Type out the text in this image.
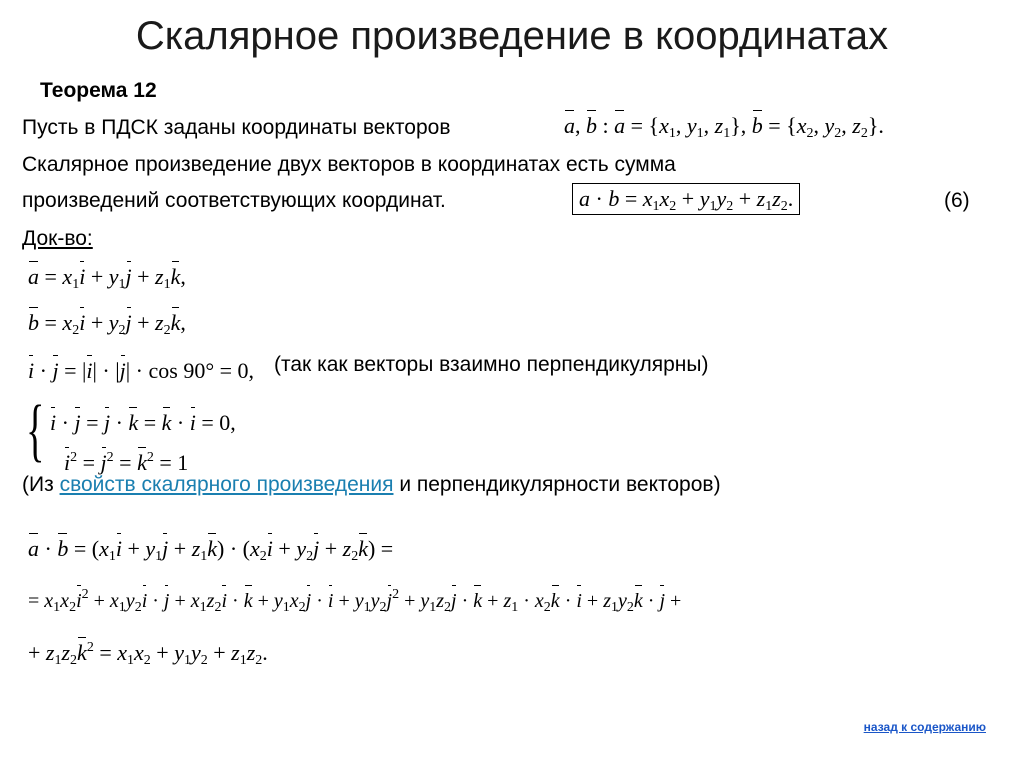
Скалярное произведение в координатах
Теорема 12
Пусть в ПДСК заданы координаты векторов	a, b : $a = \{x_1$, $y_1$, $z_1$}, $b = \{x_2$, $y_2$, $z_2$}.
Скалярное произведение двух векторов в координатах есть сумма
произведений соответствующих координат.	$a \cdot b = x_1x_2 + y_1y_2 + z_1z_2$.	(6)
Док-во:
$a = x_1i + y_1j + z_1k$,
$b = x_2i + y_2j + z_2k$,
i · j = |i| · |j| · cos 90° = 0, (так как векторы взаимно перпендикулярны)
{ i · j = j · k = k · i = 0,
$i^2 = j^2 = k^2 = 1$
(Из свойств скалярного произведения и перпендикулярности векторов)
$a \cdot b = (x_1i + y_1j + z_1k) \cdot (x_2i + y_2j + z_2k)$ =
= $x_1x_2i^2 + x_1y_2i \cdot j + x_1z_2i \cdot k + y_1x_2j \cdot i + y_1y_2j^2 + y_1z_2j \cdot k + z_1 \cdot x_2k \cdot i + z_1y_2k \cdot j$ +
+ $z_1z_2k^2 = x_1x_2 + y_1y_2 + z_1z_2$.
назад к содержанию
